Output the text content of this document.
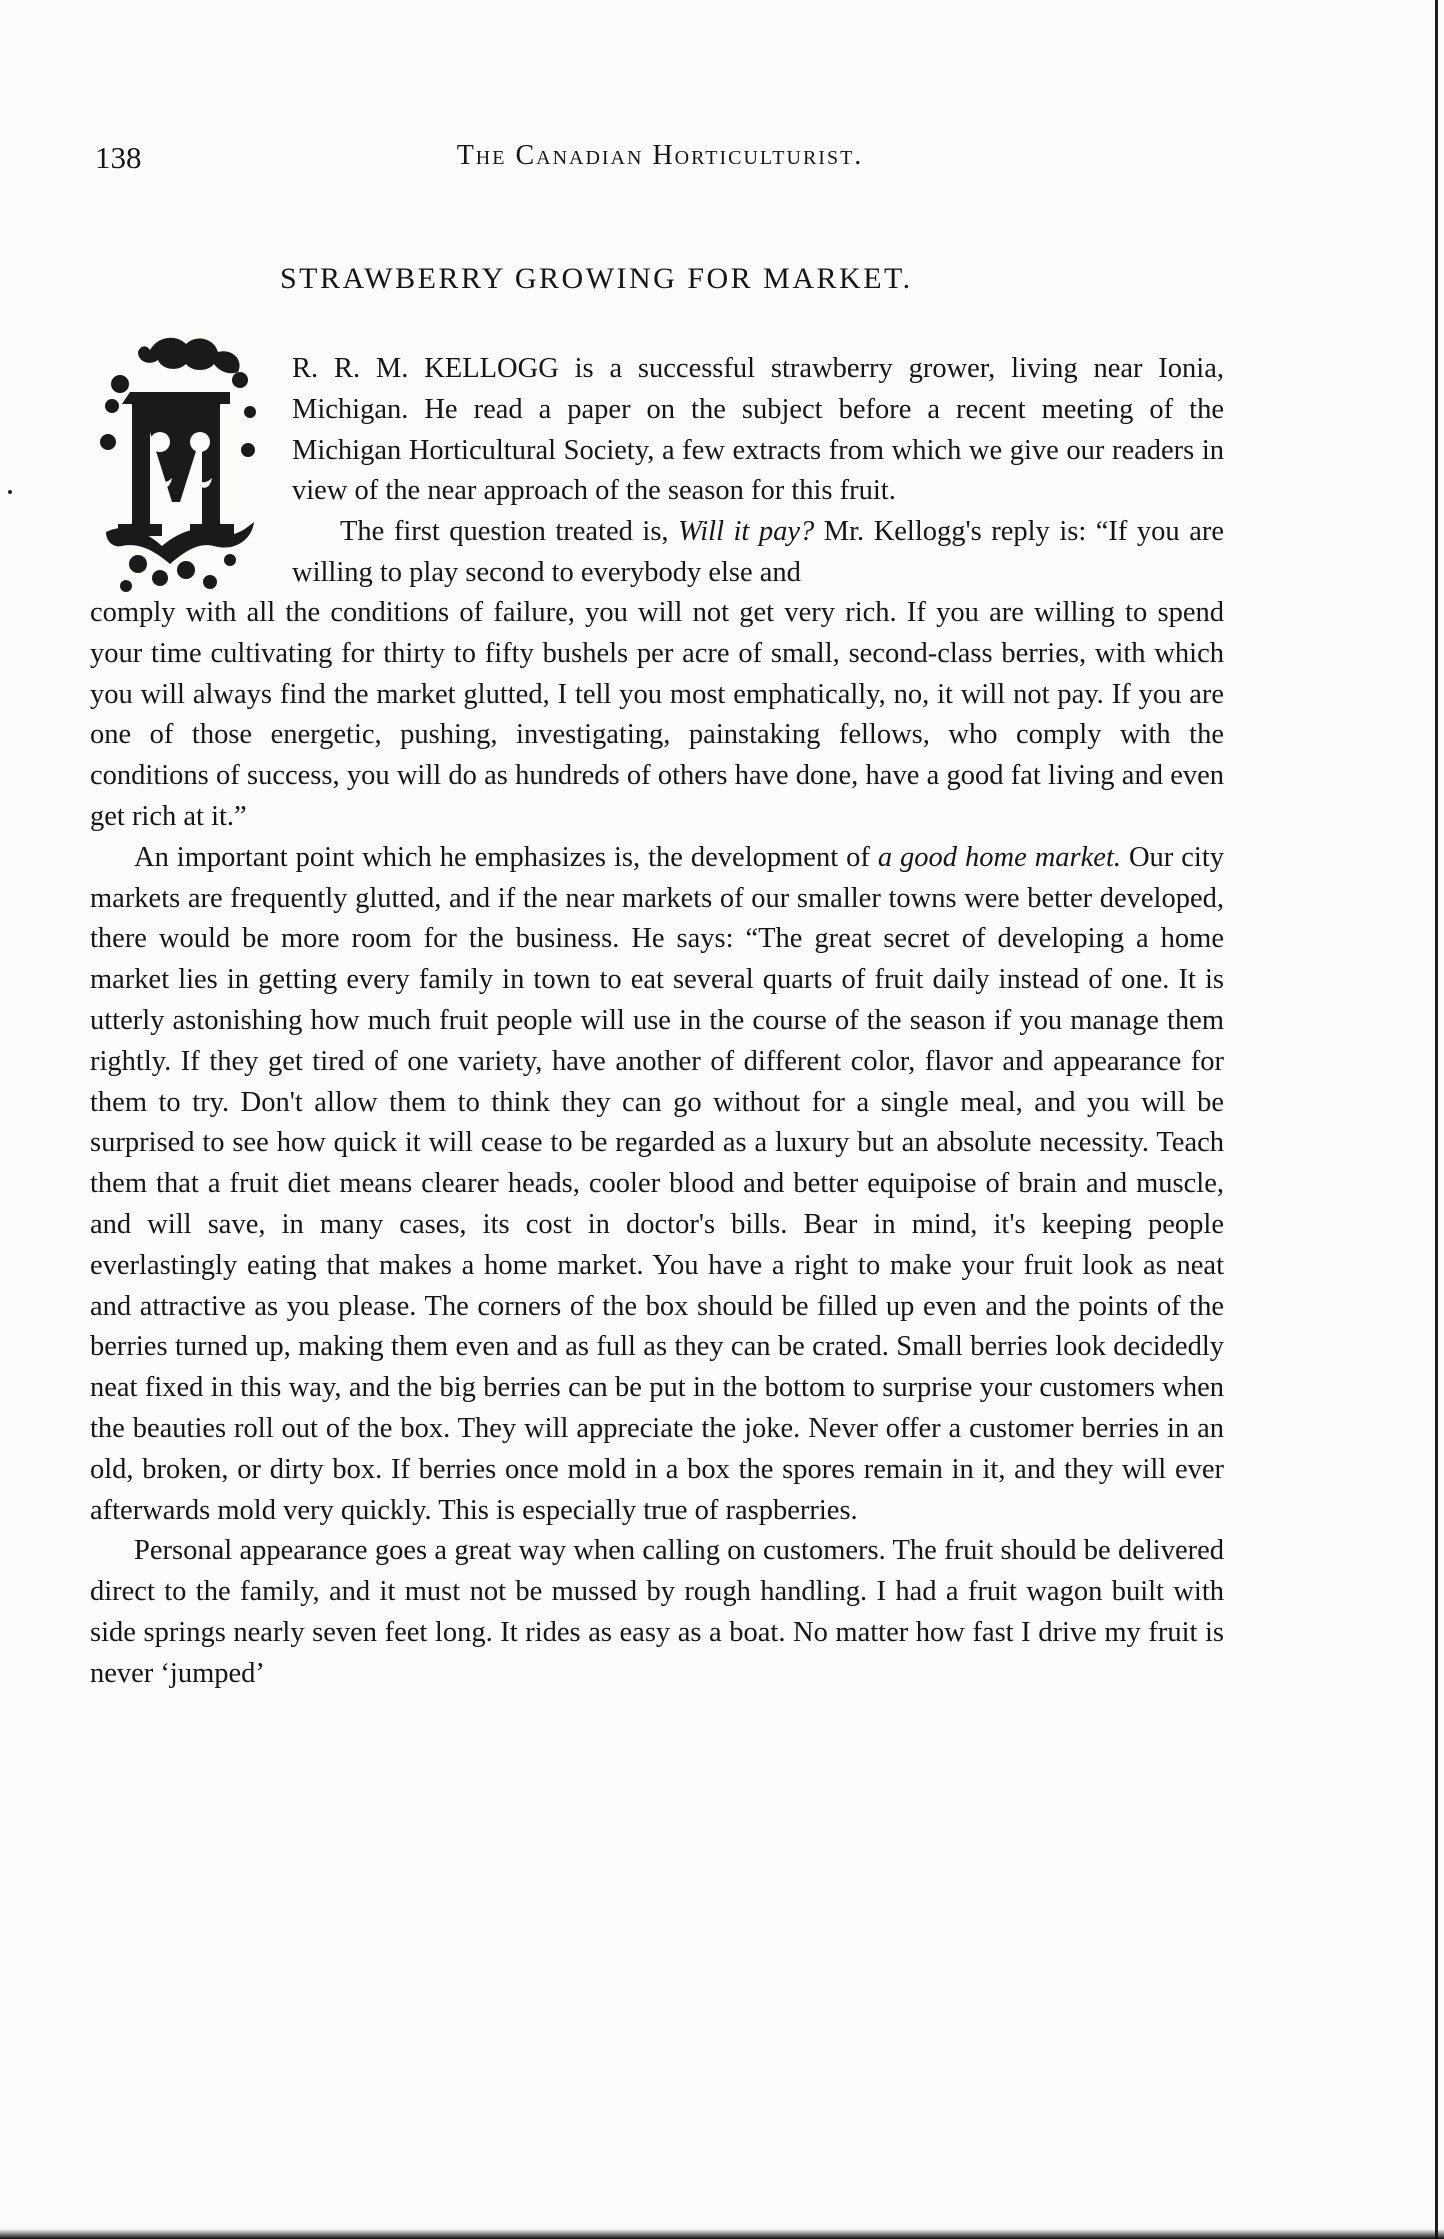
138	The Canadian Horticulturist.
STRAWBERRY GROWING FOR MARKET.

R. R. M. KELLOGG is a successful strawberry grower, living near Ionia, Michigan. He read a paper on the subject before a recent meeting of the Michigan Horticultural Society, a few extracts from which we give our readers in view of the near approach of the season for this fruit.

The first question treated is, Will it pay? Mr. Kellogg's reply is: “If you are willing to play second to everybody else and

comply with all the conditions of failure, you will not get very rich. If you are willing to spend your time cultivating for thirty to fifty bushels per acre of small, second-class berries, with which you will always find the market glutted, I tell you most emphatically, no, it will not pay. If you are one of those energetic, pushing, investigating, painstaking fellows, who comply with the conditions of success, you will do as hundreds of others have done, have a good fat living and even get rich at it.”

An important point which he emphasizes is, the development of a good home market. Our city markets are frequently glutted, and if the near markets of our smaller towns were better developed, there would be more room for the business. He says: “The great secret of developing a home market lies in getting every family in town to eat several quarts of fruit daily instead of one. It is utterly astonishing how much fruit people will use in the course of the season if you manage them rightly. If they get tired of one variety, have another of different color, flavor and appearance for them to try. Don't allow them to think they can go without for a single meal, and you will be surprised to see how quick it will cease to be regarded as a luxury but an absolute necessity. Teach them that a fruit diet means clearer heads, cooler blood and better equipoise of brain and muscle, and will save, in many cases, its cost in doctor's bills. Bear in mind, it's keeping people everlastingly eating that makes a home market. You have a right to make your fruit look as neat and attractive as you please. The corners of the box should be filled up even and the points of the berries turned up, making them even and as full as they can be crated. Small berries look decidedly neat fixed in this way, and the big berries can be put in the bottom to surprise your customers when the beauties roll out of the box. They will appreciate the joke. Never offer a customer berries in an old, broken, or dirty box. If berries once mold in a box the spores remain in it, and they will ever afterwards mold very quickly. This is especially true of raspberries.

Personal appearance goes a great way when calling on customers. The fruit should be delivered direct to the family, and it must not be mussed by rough handling. I had a fruit wagon built with side springs nearly seven feet long. It rides as easy as a boat. No matter how fast I drive my fruit is never ‘jumped’
